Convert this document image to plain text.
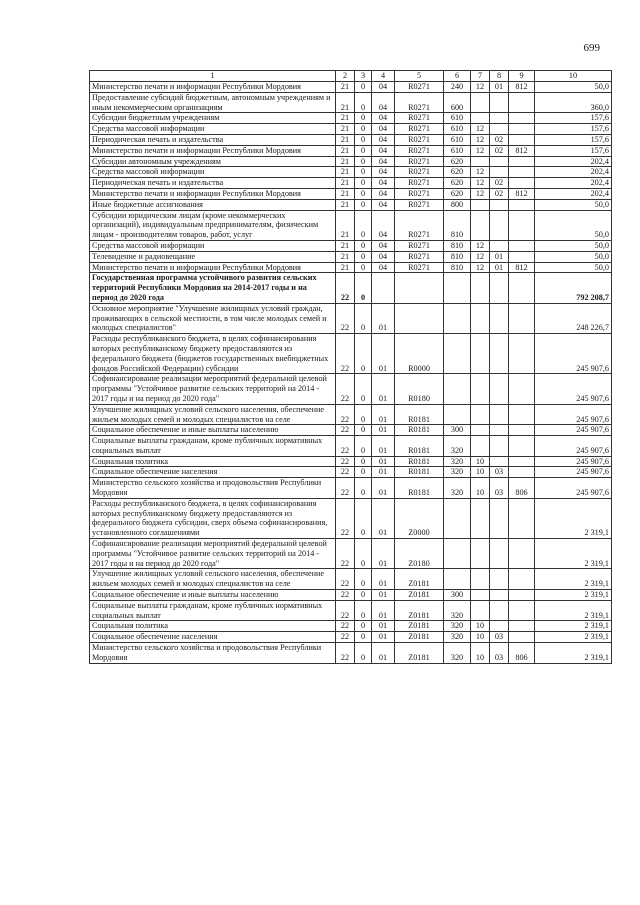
699
1	2	3	4	5	6	7	8	9	10
Министерство печати и информации Республики Мордовия	21	0	04	R0271	240	12	01	812	50,0
Предоставление субсидий бюджетным, автономным учреждениям и иным некоммерческим организациям	21	0	04	R0271	600				360,0
Субсидии бюджетным учреждениям	21	0	04	R0271	610				157,6
Средства массовой информации	21	0	04	R0271	610	12			157,6
Периодическая печать и издательства	21	0	04	R0271	610	12	02		157,6
Министерство печати и информации Республики Мордовия	21	0	04	R0271	610	12	02	812	157,6
Субсидии автономным учреждениям	21	0	04	R0271	620				202,4
Средства массовой информации	21	0	04	R0271	620	12			202,4
Периодическая печать и издательства	21	0	04	R0271	620	12	02		202,4
Министерство печати и информации Республики Мордовия	21	0	04	R0271	620	12	02	812	202,4
Иные бюджетные ассигнования	21	0	04	R0271	800				50,0
Субсидии юридическим лицам (кроме некоммерческих организаций), индивидуальным предпринимателям, физическим лицам - производителям товаров, работ, услуг	21	0	04	R0271	810				50,0
Средства массовой информации	21	0	04	R0271	810	12			50,0
Телевидение и радиовещание	21	0	04	R0271	810	12	01		50,0
Министерство печати и информации Республики Мордовия	21	0	04	R0271	810	12	01	812	50,0
Государственная программа устойчивого развития сельских территорий Республики Мордовия на 2014-2017 годы и на период до 2020 года	22	0							792 208,7
Основное мероприятие "Улучшение жилищных условий граждан, проживающих в сельской местности, в том числе молодых семей и молодых специалистов"	22	0	01						248 226,7
Расходы республиканского бюджета, в целях софинансирования которых республиканскому бюджету предоставляются из федерального бюджета (бюджетов государственных внебюджетных фондов Российской Федерации) субсидии	22	0	01	R0000					245 907,6
Софинансирование реализации мероприятий федеральной целевой программы "Устойчивое развитие сельских территорий на 2014 - 2017 годы и на период до 2020 года"	22	0	01	R0180					245 907,6
Улучшение жилищных условий сельского населения, обеспечение жильем молодых семей и молодых специалистов на селе	22	0	01	R0181					245 907,6
Социальное обеспечение и иные выплаты населению	22	0	01	R0181	300				245 907,6
Социальные выплаты гражданам, кроме публичных нормативных социальных выплат	22	0	01	R0181	320				245 907,6
Социальная политика	22	0	01	R0181	320	10			245 907,6
Социальное обеспечение населения	22	0	01	R0181	320	10	03		245 907,6
Министерство сельского хозяйства и продовольствия Республики Мордовия	22	0	01	R0181	320	10	03	806	245 907,6
Расходы республиканского бюджета, в целях софинансирования которых республиканскому бюджету предоставляются из федерального бюджета субсидии, сверх объема софинансирования, установленного соглашениями	22	0	01	Z0000					2 319,1
Софинансирование реализации мероприятий федеральной целевой программы "Устойчивое развитие сельских территорий на 2014 - 2017 годы и на период до 2020 года"	22	0	01	Z0180					2 319,1
Улучшение жилищных условий сельского населения, обеспечение жильем молодых семей и молодых специалистов на селе	22	0	01	Z0181					2 319,1
Социальное обеспечение и иные выплаты населению	22	0	01	Z0181	300				2 319,1
Социальные выплаты гражданам, кроме публичных нормативных социальных выплат	22	0	01	Z0181	320				2 319,1
Социальная политика	22	0	01	Z0181	320	10			2 319,1
Социальное обеспечение населения	22	0	01	Z0181	320	10	03		2 319,1
Министерство сельского хозяйства и продовольствия Республики Мордовия	22	0	01	Z0181	320	10	03	806	2 319,1
